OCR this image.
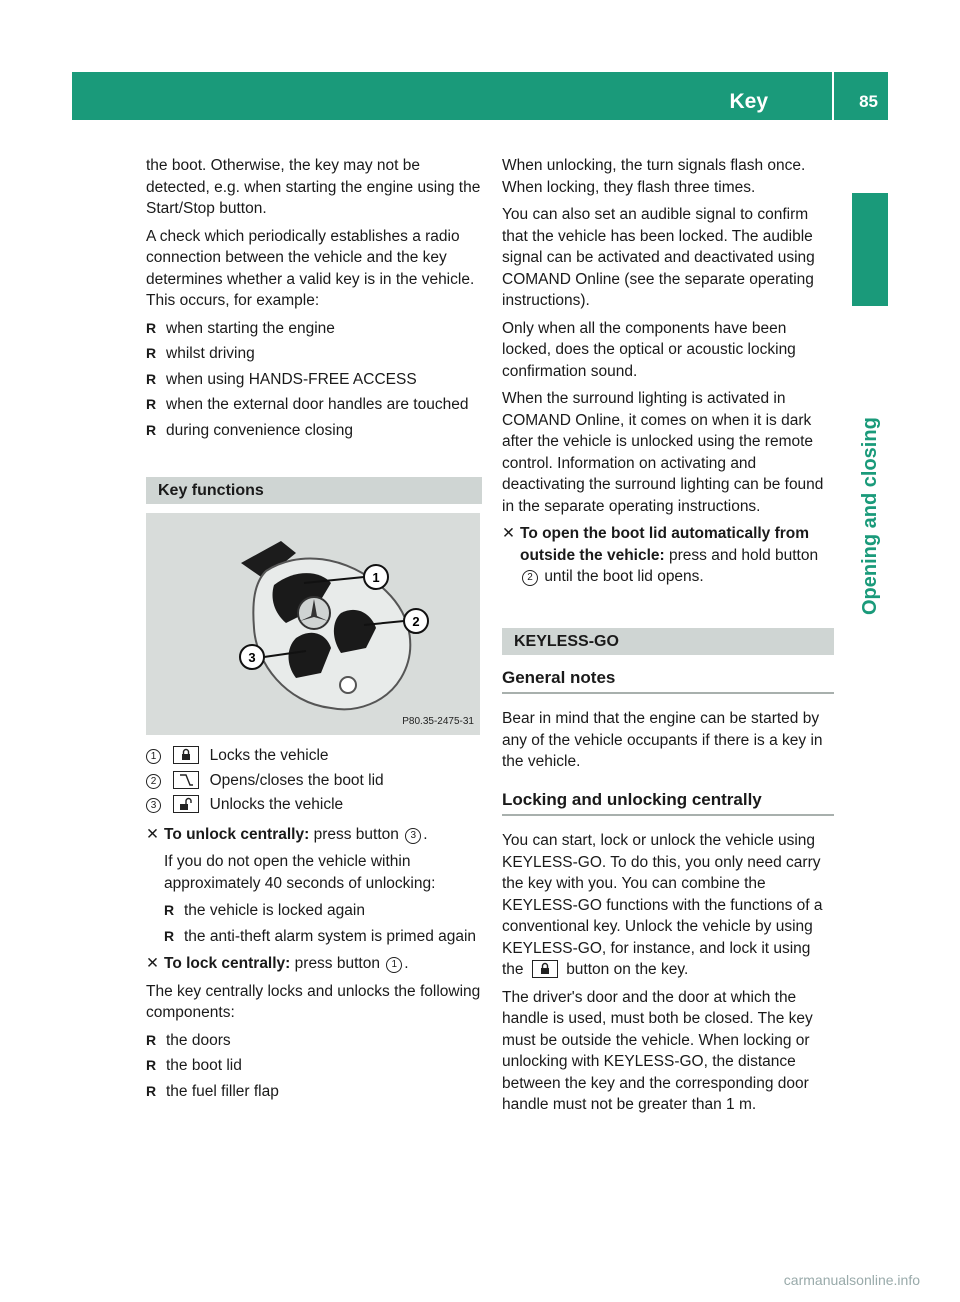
Key	85
Opening and closing

the boot. Otherwise, the key may not be detected, e.g. when starting the engine using the Start/Stop button.

A check which periodically establishes a radio connection between the vehicle and the key determines whether a valid key is in the vehicle. This occurs, for example:

R when starting the engine
R whilst driving
R when using HANDS-FREE ACCESS
R when the external door handles are touched
R during convenience closing
Key functions
1
2
3
P80.35-2475-31
1	Locks the vehicle
2	Opens/closes the boot lid
3	Unlocks the vehicle
✕ To unlock centrally: press button 3 .

If you do not open the vehicle within approximately 40 seconds of unlocking:

R the vehicle is locked again
R the anti-theft alarm system is primed again
✕ To lock centrally: press button 1 .

The key centrally locks and unlocks the following components:

R the doors
R the boot lid
R the fuel filler flap

When unlocking, the turn signals flash once. When locking, they flash three times.

You can also set an audible signal to confirm that the vehicle has been locked. The audible signal can be activated and deactivated using COMAND Online (see the separate operating instructions).

Only when all the components have been locked, does the optical or acoustic locking confirmation sound.

When the surround lighting is activated in COMAND Online, it comes on when it is dark after the vehicle is unlocked using the remote control. Information on activating and deactivating the surround lighting can be found in the separate operating instructions.

✕ To open the boot lid automatically from outside the vehicle: press and hold button 2 until the boot lid opens.
KEYLESS-GO
General notes

Bear in mind that the engine can be started by any of the vehicle occupants if there is a key in the vehicle.

Locking and unlocking centrally

You can start, lock or unlock the vehicle using KEYLESS-GO. To do this, you only need carry the key with you. You can combine the KEYLESS-GO functions with the functions of a conventional key. Unlock the vehicle by using KEYLESS-GO, for instance, and lock it using the	button on the key.

The driver's door and the door at which the handle is used, must both be closed. The key must be outside the vehicle. When locking or unlocking with KEYLESS-GO, the distance between the key and the corresponding door handle must not be greater than 1 m.

carmanualsonline.info
